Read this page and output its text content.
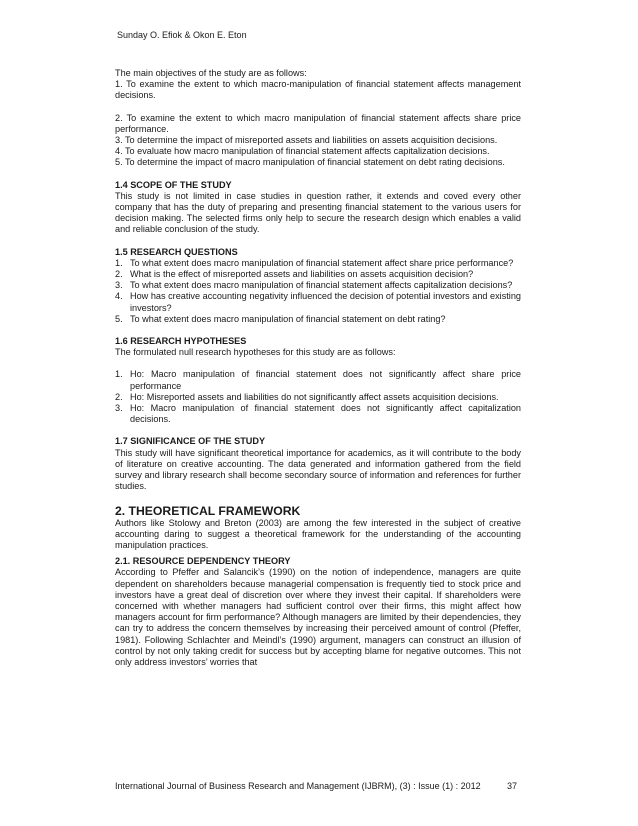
Sunday O. Efiok & Okon E. Eton

The main objectives of the study are as follows:

1. To examine the extent to which macro-manipulation of financial statement affects management decisions.

2. To examine the extent to which macro manipulation of financial statement affects share price performance.

3. To determine the impact of misreported assets and liabilities on assets acquisition decisions.

4. To evaluate how macro manipulation of financial statement affects capitalization decisions.

5. To determine the impact of macro manipulation of financial statement on debt rating decisions.

1.4 SCOPE OF THE STUDY

This study is not limited in case studies in question rather, it extends and coved every other company that has the duty of preparing and presenting financial statement to the various users for decision making. The selected firms only help to secure the research design which enables a valid and reliable conclusion of the study.

1.5 RESEARCH QUESTIONS

1. To what extent does macro manipulation of financial statement affect share price performance?
2. What is the effect of misreported assets and liabilities on assets acquisition decision?
3. To what extent does macro manipulation of financial statement affects capitalization decisions?
4. How has creative accounting negativity influenced the decision of potential investors and existing investors?
5. To what extent does macro manipulation of financial statement on debt rating?

1.6 RESEARCH HYPOTHESES

The formulated null research hypotheses for this study are as follows:

1. Ho: Macro manipulation of financial statement does not significantly affect share price performance
2. Ho: Misreported assets and liabilities do not significantly affect assets acquisition decisions.
3. Ho: Macro manipulation of financial statement does not significantly affect capitalization decisions.

1.7 SIGNIFICANCE OF THE STUDY

This study will have significant theoretical importance for academics, as it will contribute to the body of literature on creative accounting. The data generated and information gathered from the field survey and library research shall become secondary source of information and references for further studies.

2. THEORETICAL FRAMEWORK

Authors like Stolowy and Breton (2003) are among the few interested in the subject of creative accounting daring to suggest a theoretical framework for the understanding of the accounting manipulation practices.

2.1. RESOURCE DEPENDENCY THEORY

According to Pfeffer and Salancik’s (1990) on the notion of independence, managers are quite dependent on shareholders because managerial compensation is frequently tied to stock price and investors have a great deal of discretion over where they invest their capital. If shareholders were concerned with whether managers had sufficient control over their firms, this might affect how managers account for firm performance? Although managers are limited by their dependencies, they can try to address the concern themselves by increasing their perceived amount of control (Pfeffer, 1981). Following Schlachter and Meindl’s (1990) argument, managers can construct an illusion of control by not only taking credit for success but by accepting blame for negative outcomes. This not only address investors’ worries that

International Journal of Business Research and Management (IJBRM), (3) : Issue (1) : 2012	37
